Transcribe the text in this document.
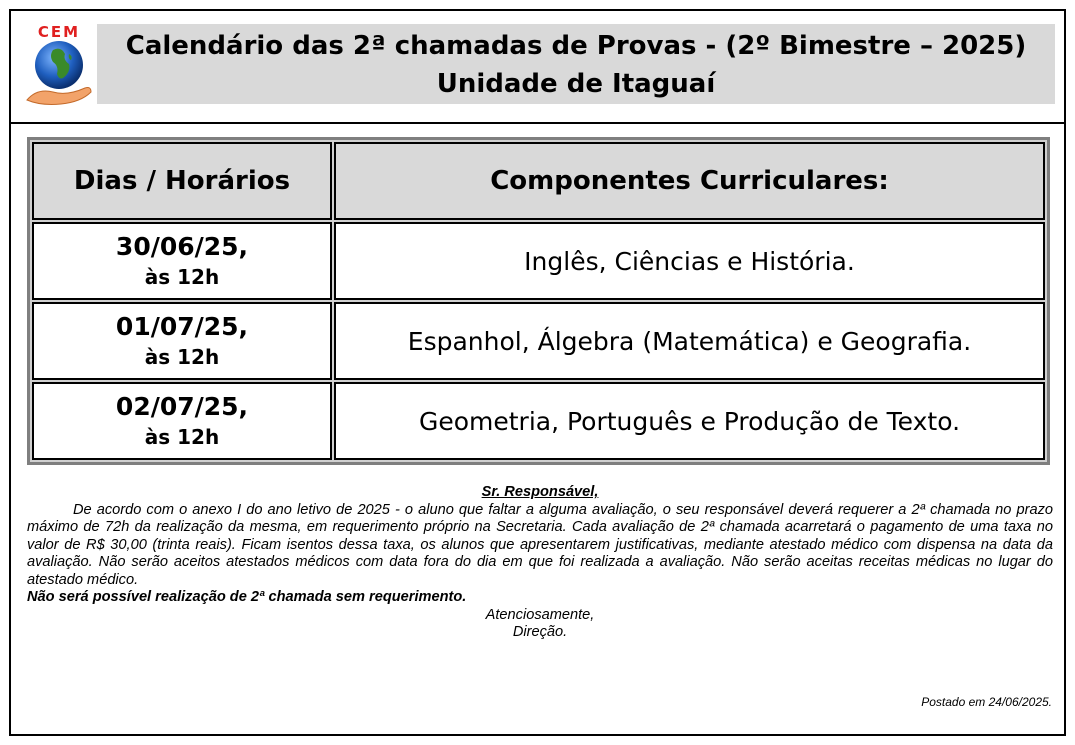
CEM	Calendário das 2ª chamadas de Provas - (2º Bimestre – 2025)
Unidade de Itaguaí
Dias / Horários	Componentes Curriculares:

30/06/25,
às 12h	Inglês, Ciências e História.

01/07/25,
às 12h	Espanhol, Álgebra (Matemática) e Geografia.

02/07/25,
às 12h	Geometria, Português e Produção de Texto.
Sr. Responsável,
De acordo com o anexo I do ano letivo de 2025 - o aluno que faltar a alguma avaliação, o seu responsável deverá requerer a 2ª chamada no prazo máximo de 72h da realização da mesma, em requerimento próprio na Secretaria. Cada avaliação de 2ª chamada acarretará o pagamento de uma taxa no valor de R$ 30,00 (trinta reais). Ficam isentos dessa taxa, os alunos que apresentarem justificativas, mediante atestado médico com dispensa na data da avaliação. Não serão aceitos atestados médicos com data fora do dia em que foi realizada a avaliação. Não serão aceitas receitas médicas no lugar do atestado médico.
Não será possível realização de 2ª chamada sem requerimento.
Atenciosamente,
Direção.
Postado em 24/06/2025.
